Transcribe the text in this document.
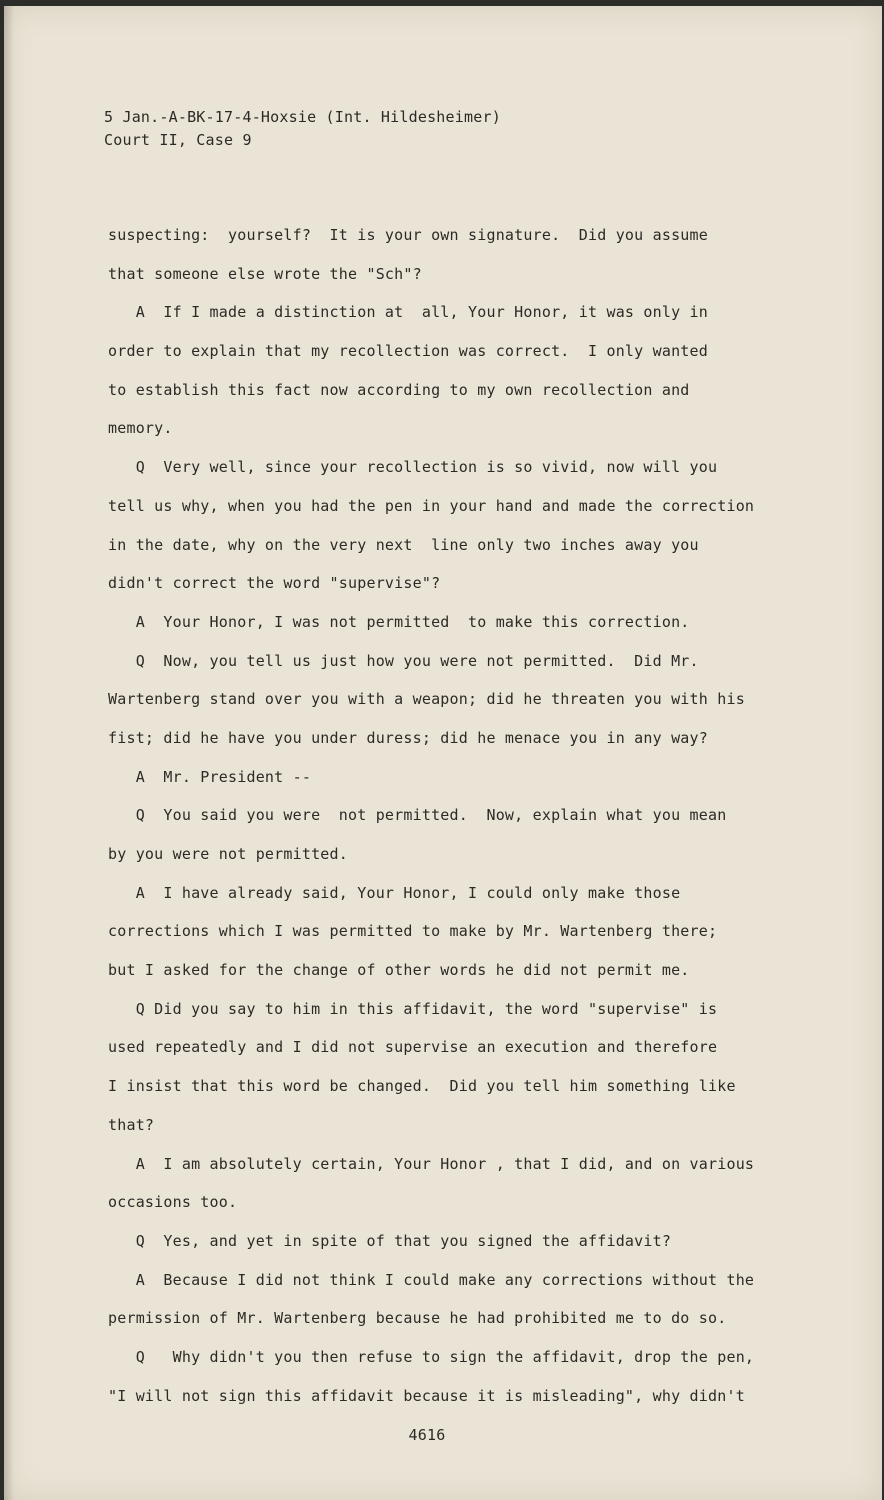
5 Jan.-A-BK-17-4-Hoxsie (Int. Hildesheimer)
Court II, Case 9
suspecting:  yourself?  It is your own signature.  Did you assume
that someone else wrote the "Sch"?
A  If I made a distinction at  all, Your Honor, it was only in
order to explain that my recollection was correct.  I only wanted
to establish this fact now according to my own recollection and
memory.
Q  Very well, since your recollection is so vivid, now will you
tell us why, when you had the pen in your hand and made the correction
in the date, why on the very next  line only two inches away you
didn't correct the word "supervise"?
A  Your Honor, I was not permitted  to make this correction.
Q  Now, you tell us just how you were not permitted.  Did Mr.
Wartenberg stand over you with a weapon; did he threaten you with his
fist; did he have you under duress; did he menace you in any way?
A  Mr. President --
Q  You said you were  not permitted.  Now, explain what you mean
by you were not permitted.
A  I have already said, Your Honor, I could only make those
corrections which I was permitted to make by Mr. Wartenberg there;
but I asked for the change of other words he did not permit me.
Q Did you say to him in this affidavit, the word "supervise" is
used repeatedly and I did not supervise an execution and therefore
I insist that this word be changed.  Did you tell him something like
that?
A  I am absolutely certain, Your Honor , that I did, and on various
occasions too.
Q  Yes, and yet in spite of that you signed the affidavit?
A  Because I did not think I could make any corrections without the
permission of Mr. Wartenberg because he had prohibited me to do so.
Q   Why didn't you then refuse to sign the affidavit, drop the pen,
"I will not sign this affidavit because it is misleading", why didn't
4616
